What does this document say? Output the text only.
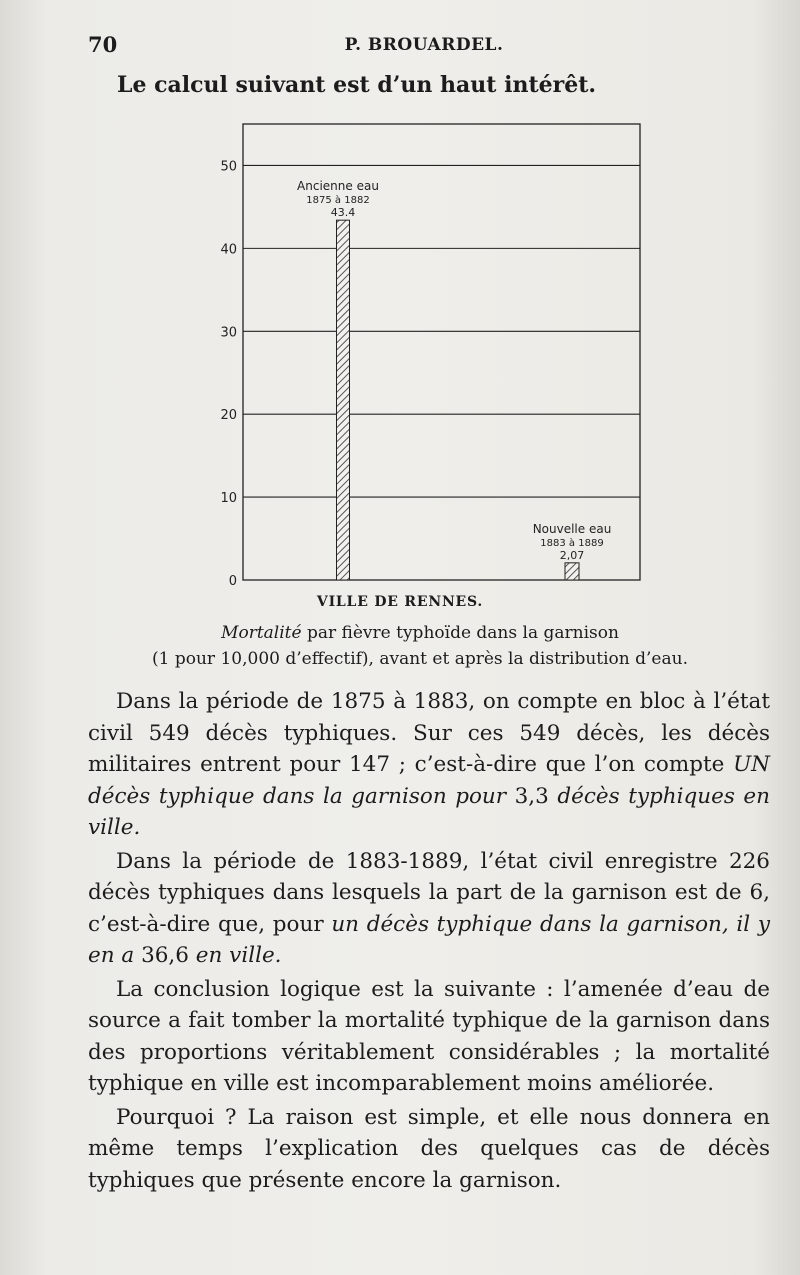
70	P. BROUARDEL.
Le calcul suivant est d’un haut intérêt.
0
10
20
30
40
50
43.4
Ancienne eau
1875 à 1882
2,07
Nouvelle eau
1883 à 1889
VILLE DE RENNES.
Mortalité par fièvre typhoïde dans la garnison
(1 pour 10,000 d’effectif), avant et après la distribution d’eau.

Dans la période de 1875 à 1883, on compte en bloc à l’état civil 549 décès typhiques. Sur ces 549 décès, les décès militaires entrent pour 147 ; c’est-à-dire que l’on compte UN décès typhique dans la garnison pour 3,3 décès typhiques en ville.

Dans la période de 1883-1889, l’état civil enregistre 226 décès typhiques dans lesquels la part de la garnison est de 6, c’est-à-dire que, pour un décès typhique dans la garnison, il y en a 36,6 en ville.

La conclusion logique est la suivante : l’amenée d’eau de source a fait tomber la mortalité typhique de la garnison dans des proportions véritablement considérables ; la mortalité typhique en ville est incomparablement moins améliorée.

Pourquoi ? La raison est simple, et elle nous donnera en même temps l’explication des quelques cas de décès typhiques que présente encore la garnison.
